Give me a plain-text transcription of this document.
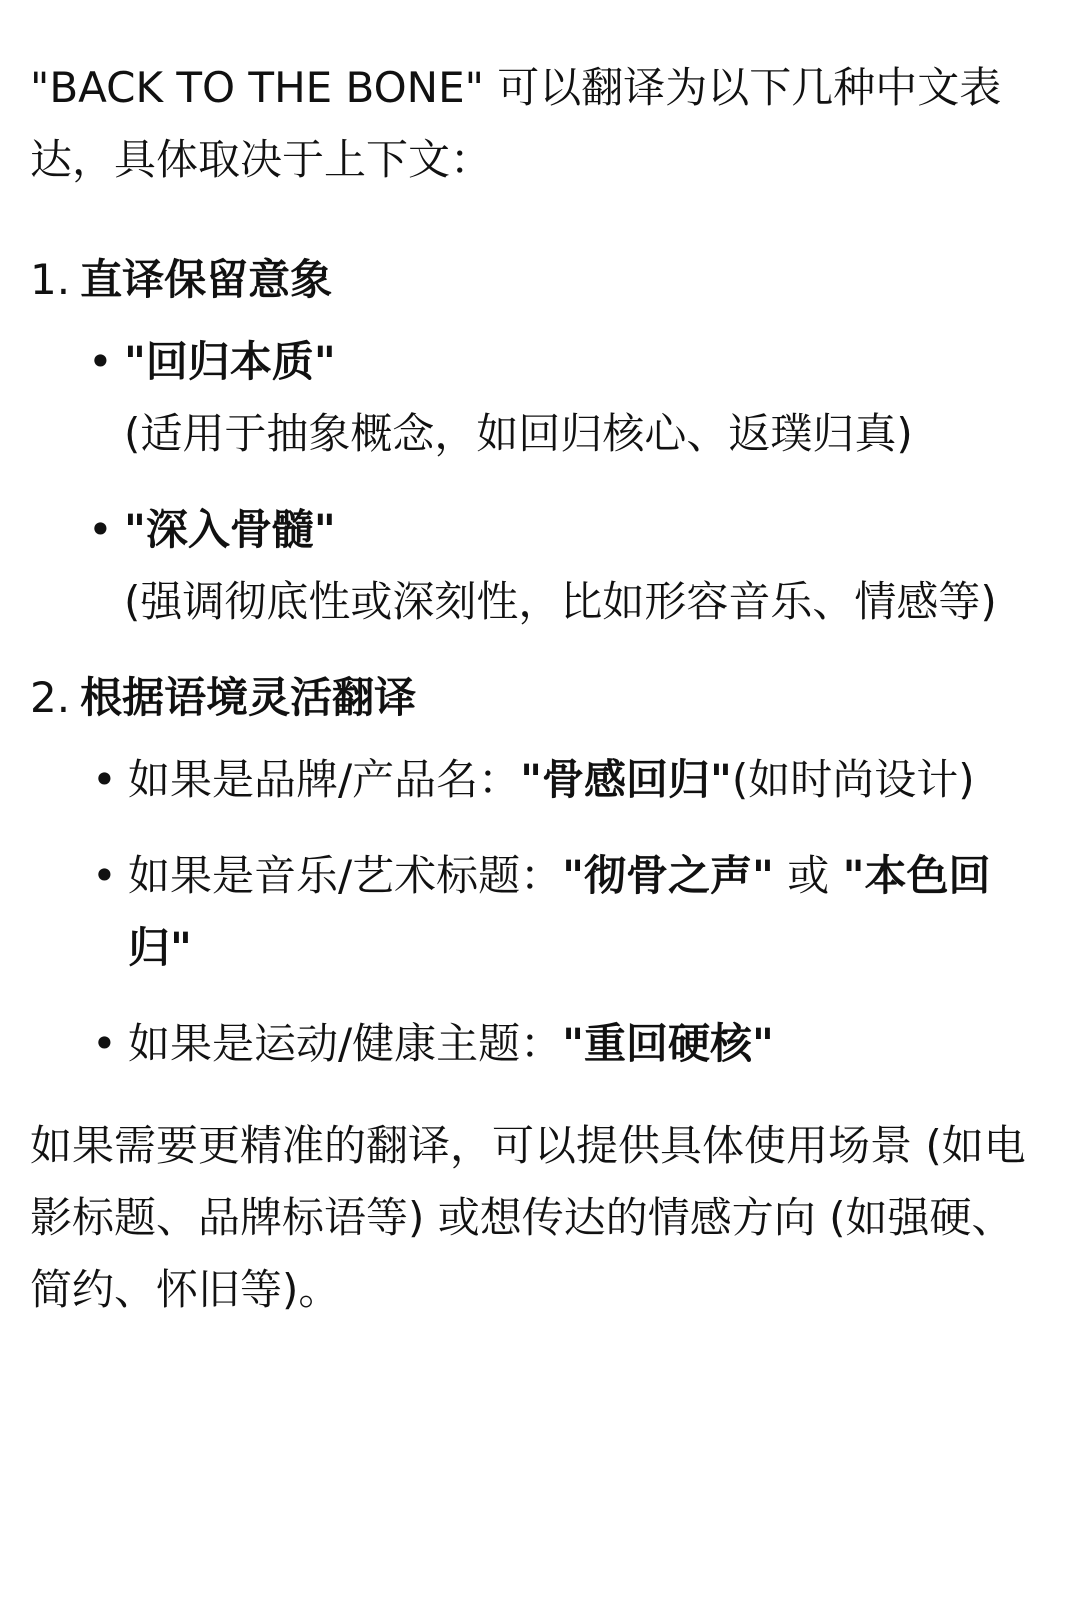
"BACK TO THE BONE" 可以翻译为以下几种中文表达，具体取决于上下文：

1. 直译保留意象

• "回归本质"
(适用于抽象概念，如回归核心、返璞归真)
• "深入骨髓"
(强调彻底性或深刻性，比如形容音乐、情感等)

2. 根据语境灵活翻译

• 如果是品牌/产品名："骨感回归"(如时尚设计)
• 如果是音乐/艺术标题："彻骨之声" 或 "本色回归"
• 如果是运动/健康主题："重回硬核"

如果需要更精准的翻译，可以提供具体使用场景 (如电影标题、品牌标语等) 或想传达的情感方向 (如强硬、简约、怀旧等)。
